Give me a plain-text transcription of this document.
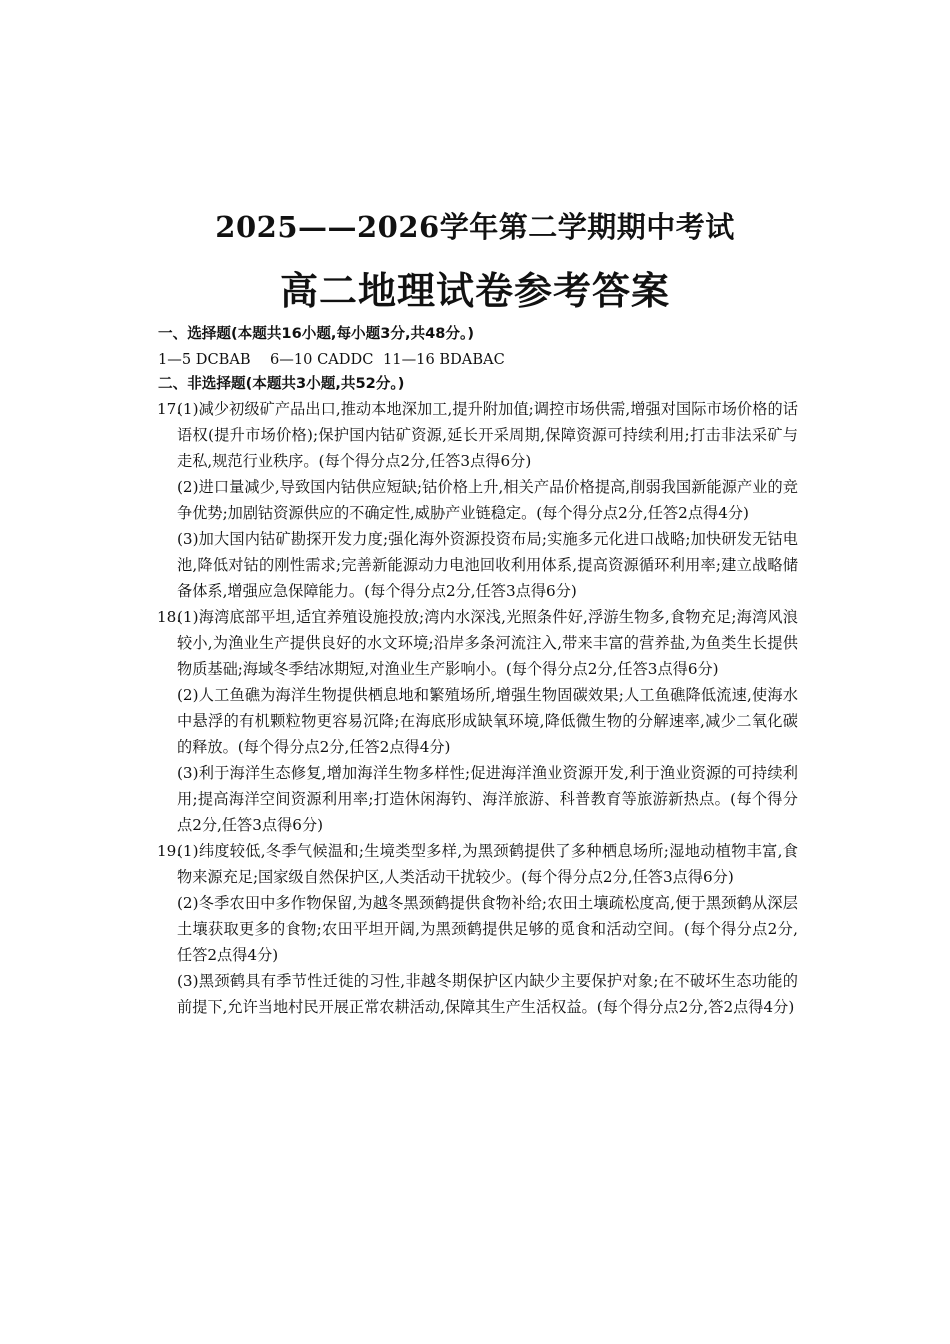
2025——2026学年第二学期期中考试
高二地理试卷参考答案
一、选择题(本题共16小题,每小题3分,共48分。)
1—5 DCBAB	6—10 CADDC 11—16 BDABAC
二、非选择题(本题共3小题,共52分。)
17.
(1)减少初级矿产品出口,推动本地深加工,提升附加值;调控市场供需,增强对国际市场价格的话语权(提升市场价格);保护国内钴矿资源,延长开采周期,保障资源可持续利用;打击非法采矿与走私,规范行业秩序。(每个得分点2分,任答3点得6分)
(2)进口量减少,导致国内钴供应短缺;钴价格上升,相关产品价格提高,削弱我国新能源产业的竞争优势;加剧钴资源供应的不确定性,威胁产业链稳定。(每个得分点2分,任答2点得4分)
(3)加大国内钴矿勘探开发力度;强化海外资源投资布局;实施多元化进口战略;加快研发无钴电池,降低对钴的刚性需求;完善新能源动力电池回收利用体系,提高资源循环利用率;建立战略储备体系,增强应急保障能力。(每个得分点2分,任答3点得6分)
18.
(1)海湾底部平坦,适宜养殖设施投放;湾内水深浅,光照条件好,浮游生物多,食物充足;海湾风浪较小,为渔业生产提供良好的水文环境;沿岸多条河流注入,带来丰富的营养盐,为鱼类生长提供物质基础;海域冬季结冰期短,对渔业生产影响小。(每个得分点2分,任答3点得6分)
(2)人工鱼礁为海洋生物提供栖息地和繁殖场所,增强生物固碳效果;人工鱼礁降低流速,使海水中悬浮的有机颗粒物更容易沉降;在海底形成缺氧环境,降低微生物的分解速率,减少二氧化碳的释放。(每个得分点2分,任答2点得4分)
(3)利于海洋生态修复,增加海洋生物多样性;促进海洋渔业资源开发,利于渔业资源的可持续利用;提高海洋空间资源利用率;打造休闲海钓、海洋旅游、科普教育等旅游新热点。(每个得分点2分,任答3点得6分)
19.
(1)纬度较低,冬季气候温和;生境类型多样,为黑颈鹤提供了多种栖息场所;湿地动植物丰富,食物来源充足;国家级自然保护区,人类活动干扰较少。(每个得分点2分,任答3点得6分)
(2)冬季农田中多作物保留,为越冬黑颈鹤提供食物补给;农田土壤疏松度高,便于黑颈鹤从深层土壤获取更多的食物;农田平坦开阔,为黑颈鹤提供足够的觅食和活动空间。(每个得分点2分,任答2点得4分)
(3)黑颈鹤具有季节性迁徙的习性,非越冬期保护区内缺少主要保护对象;在不破坏生态功能的前提下,允许当地村民开展正常农耕活动,保障其生产生活权益。(每个得分点2分,答2点得4分)
